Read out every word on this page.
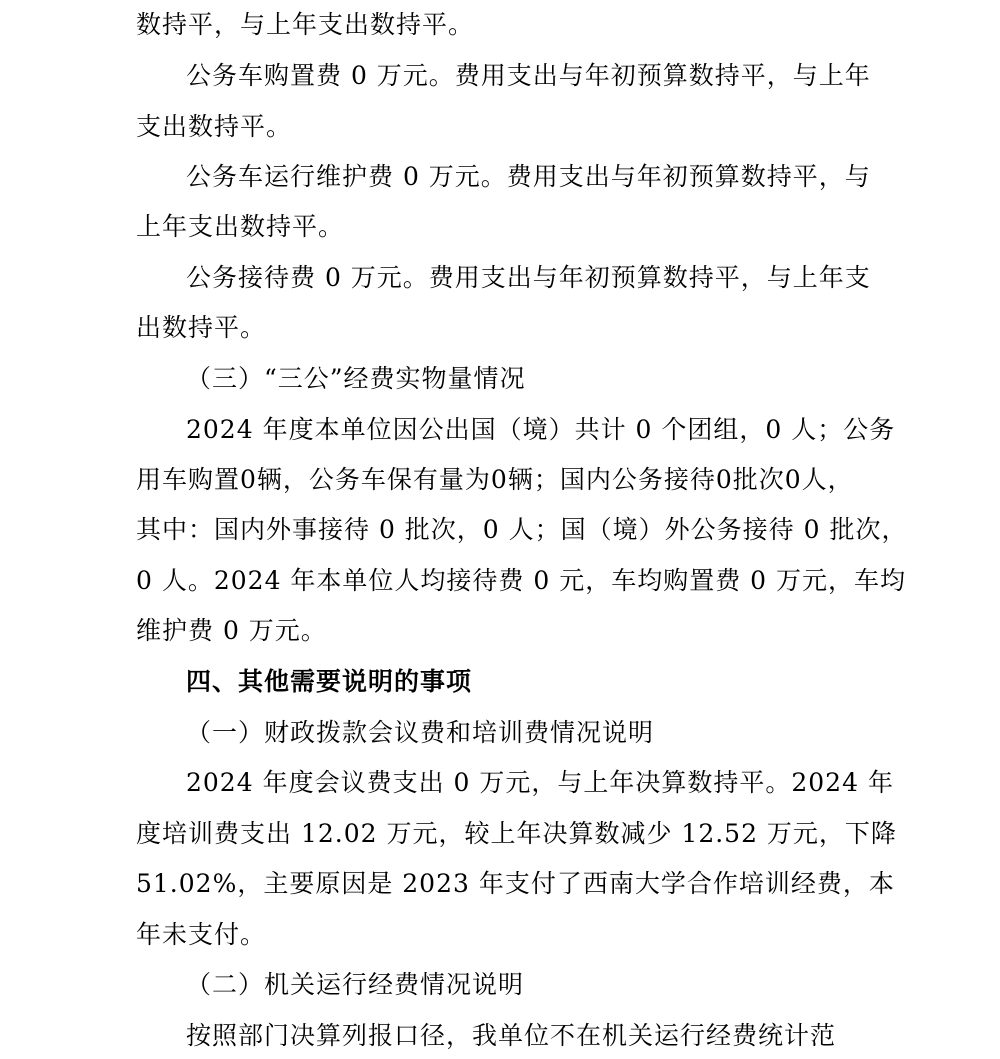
数持平，与上年支出数持平。
公务车购置费 0 万元。费用支出与年初预算数持平，与上年
支出数持平。
公务车运行维护费 0 万元。费用支出与年初预算数持平，与
上年支出数持平。
公务接待费 0 万元。费用支出与年初预算数持平，与上年支
出数持平。
（三）“三公”经费实物量情况
2024 年度本单位因公出国（境）共计 0 个团组，0 人；公务
用车购置0辆，公务车保有量为0辆；国内公务接待0批次0人，
其中：国内外事接待 0 批次，0 人；国（境）外公务接待 0 批次，
0 人。2024 年本单位人均接待费 0 元，车均购置费 0 万元，车均
维护费 0 万元。
四、其他需要说明的事项
（一）财政拨款会议费和培训费情况说明
2024 年度会议费支出 0 万元，与上年决算数持平。2024 年
度培训费支出 12.02 万元，较上年决算数减少 12.52 万元，下降
51.02%，主要原因是 2023 年支付了西南大学合作培训经费，本
年未支付。
（二）机关运行经费情况说明
按照部门决算列报口径，我单位不在机关运行经费统计范
